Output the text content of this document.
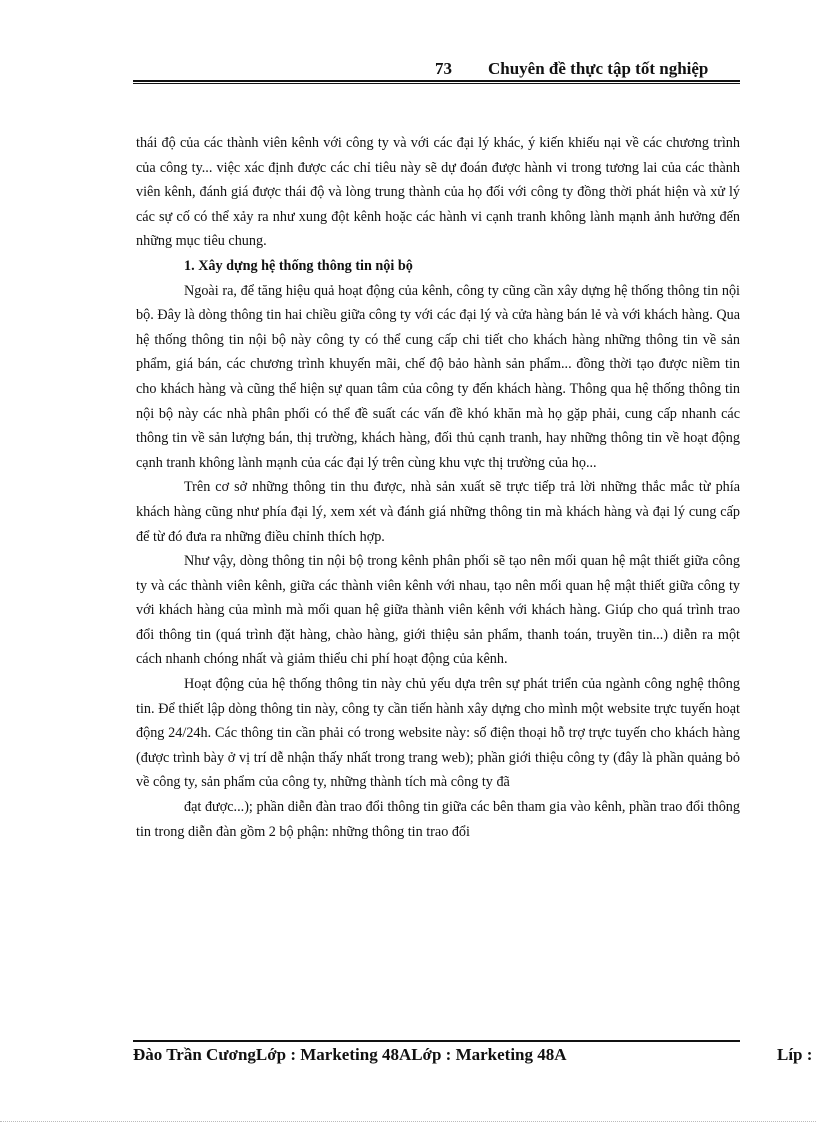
73 Chuyên đề thực tập tốt nghiệp

thái độ của các thành viên kênh với công ty và với các đại lý khác, ý kiến khiếu nại về các chương trình của công ty... việc xác định được các chỉ tiêu này sẽ dự đoán được hành vi trong tương lai của các thành viên kênh, đánh giá được thái độ và lòng trung thành của họ đối với công ty đồng thời phát hiện và xử lý các sự cố có thể xảy ra như xung đột kênh hoặc các hành vi cạnh tranh không lành mạnh ảnh hưởng đến những mục tiêu chung.

1. Xây dựng hệ thống thông tin nội bộ

Ngoài ra, để tăng hiệu quả hoạt động của kênh, công ty cũng cần xây dựng hệ thống thông tin nội bộ. Đây là dòng thông tin hai chiều giữa công ty với các đại lý và cửa hàng bán lẻ và với khách hàng. Qua hệ thống thông tin nội bộ này công ty có thể cung cấp chi tiết cho khách hàng những thông tin về sản phẩm, giá bán, các chương trình khuyến mãi, chế độ bảo hành sản phẩm... đồng thời tạo được niềm tin cho khách hàng và cũng thể hiện sự quan tâm của công ty đến khách hàng. Thông qua hệ thống thông tin nội bộ này các nhà phân phối có thể đề suất các vấn đề khó khăn mà họ gặp phải, cung cấp nhanh các thông tin về sản lượng bán, thị trường, khách hàng, đối thủ cạnh tranh, hay những thông tin về hoạt động cạnh tranh không lành mạnh của các đại lý trên cùng khu vực thị trường của họ...

Trên cơ sở những thông tin thu được, nhà sản xuất sẽ trực tiếp trả lời những thắc mắc từ phía khách hàng cũng như phía đại lý, xem xét và đánh giá những thông tin mà khách hàng và đại lý cung cấp để từ đó đưa ra những điều chỉnh thích hợp.

Như vậy, dòng thông tin nội bộ trong kênh phân phối sẽ tạo nên mối quan hệ mật thiết giữa công ty và các thành viên kênh, giữa các thành viên kênh với nhau, tạo nên mối quan hệ mật thiết giữa công ty với khách hàng của mình mà mối quan hệ giữa thành viên kênh với khách hàng. Giúp cho quá trình trao đổi thông tin (quá trình đặt hàng, chào hàng, giới thiệu sản phẩm, thanh toán, truyền tin...) diễn ra một cách nhanh chóng nhất và giảm thiểu chi phí hoạt động của kênh.

Hoạt động của hệ thống thông tin này chủ yếu dựa trên sự phát triển của ngành công nghệ thông tin. Để thiết lập dòng thông tin này, công ty cần tiến hành xây dựng cho mình một website trực tuyến hoạt động 24/24h. Các thông tin cần phải có trong website này: số điện thoại hỗ trợ trực tuyến cho khách hàng (được trình bày ở vị trí dễ nhận thấy nhất trong trang web); phần giới thiệu công ty (đây là phần quảng bỏ về công ty, sản phẩm của công ty, những thành tích mà công ty đã

đạt được...); phần diễn đàn trao đổi thông tin giữa các bên tham gia vào kênh, phần trao đổi thông tin trong diễn đàn gồm 2 bộ phận: những thông tin trao đổi

Đào Trần CươngLớp : Marketing 48ALớp : Marketing 48A	Líp :
